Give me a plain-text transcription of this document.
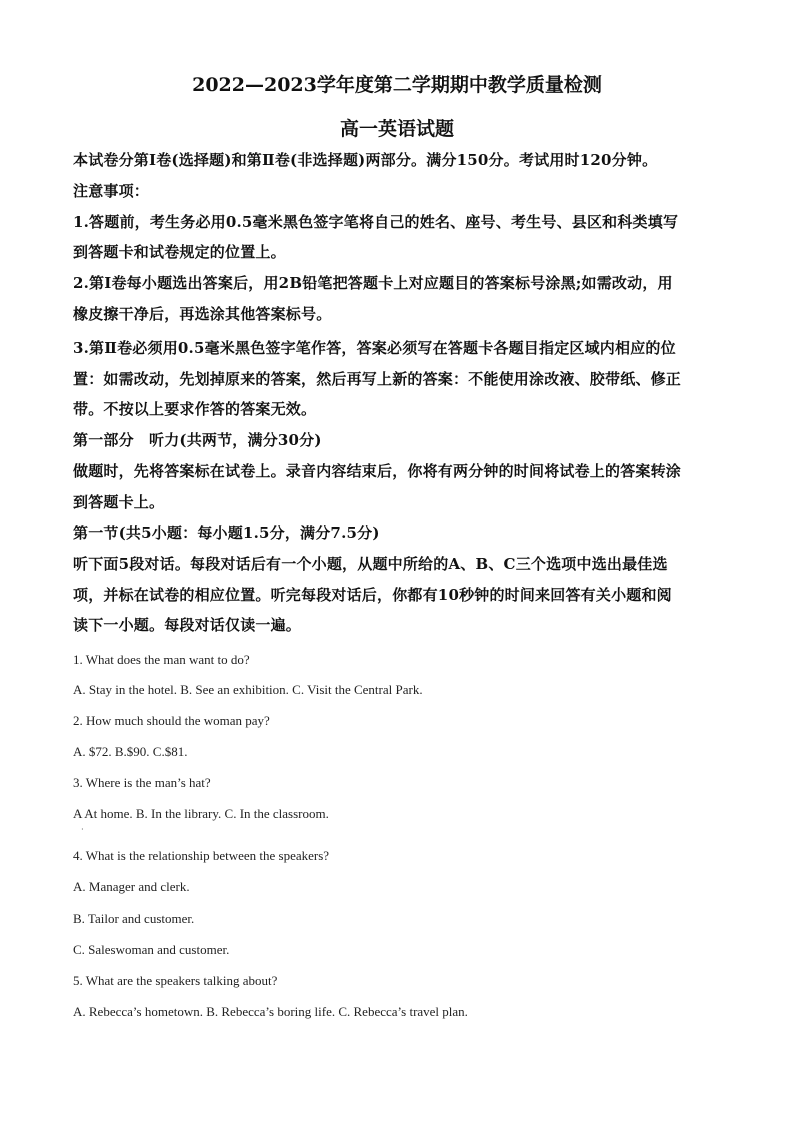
2022—2023学年度第二学期期中教学质量检测
高一英语试题
本试卷分第Ⅰ卷(选择题)和第Ⅱ卷(非选择题)两部分。满分150分。考试用时120分钟。
注意事项：
1.答题前，考生务必用0.5毫米黑色签字笔将自己的姓名、座号、考生号、县区和科类填写
到答题卡和试卷规定的位置上。
2.第Ⅰ卷每小题选出答案后，用2B铅笔把答题卡上对应题目的答案标号涂黑;如需改动，用
橡皮擦干净后，再选涂其他答案标号。
3.第Ⅱ卷必须用0.5毫米黑色签字笔作答，答案必须写在答题卡各题目指定区域内相应的位
置：如需改动，先划掉原来的答案，然后再写上新的答案：不能使用涂改液、胶带纸、修正
带。不按以上要求作答的答案无效。
第一部分　听力(共两节，满分30分)
做题时，先将答案标在试卷上。录音内容结束后，你将有两分钟的时间将试卷上的答案转涂
到答题卡上。
第一节(共5小题：每小题1.5分，满分7.5分)
听下面5段对话。每段对话后有一个小题，从题中所给的A、B、C三个选项中选出最佳选
项，并标在试卷的相应位置。听完每段对话后，你都有10秒钟的时间来回答有关小题和阅
读下一小题。每段对话仅读一遍。
1. What does the man want to do?
A. Stay in the hotel. B. See an exhibition. C. Visit the Central Park.
2. How much should the woman pay?
A. $72. B.$90. C.$81.
3. Where is the man’s hat?
A At home. B. In the library. C. In the classroom.
·
4. What is the relationship between the speakers?
A. Manager and clerk.
B. Tailor and customer.
C. Saleswoman and customer.
5. What are the speakers talking about?
A. Rebecca’s hometown. B. Rebecca’s boring life. C. Rebecca’s travel plan.
